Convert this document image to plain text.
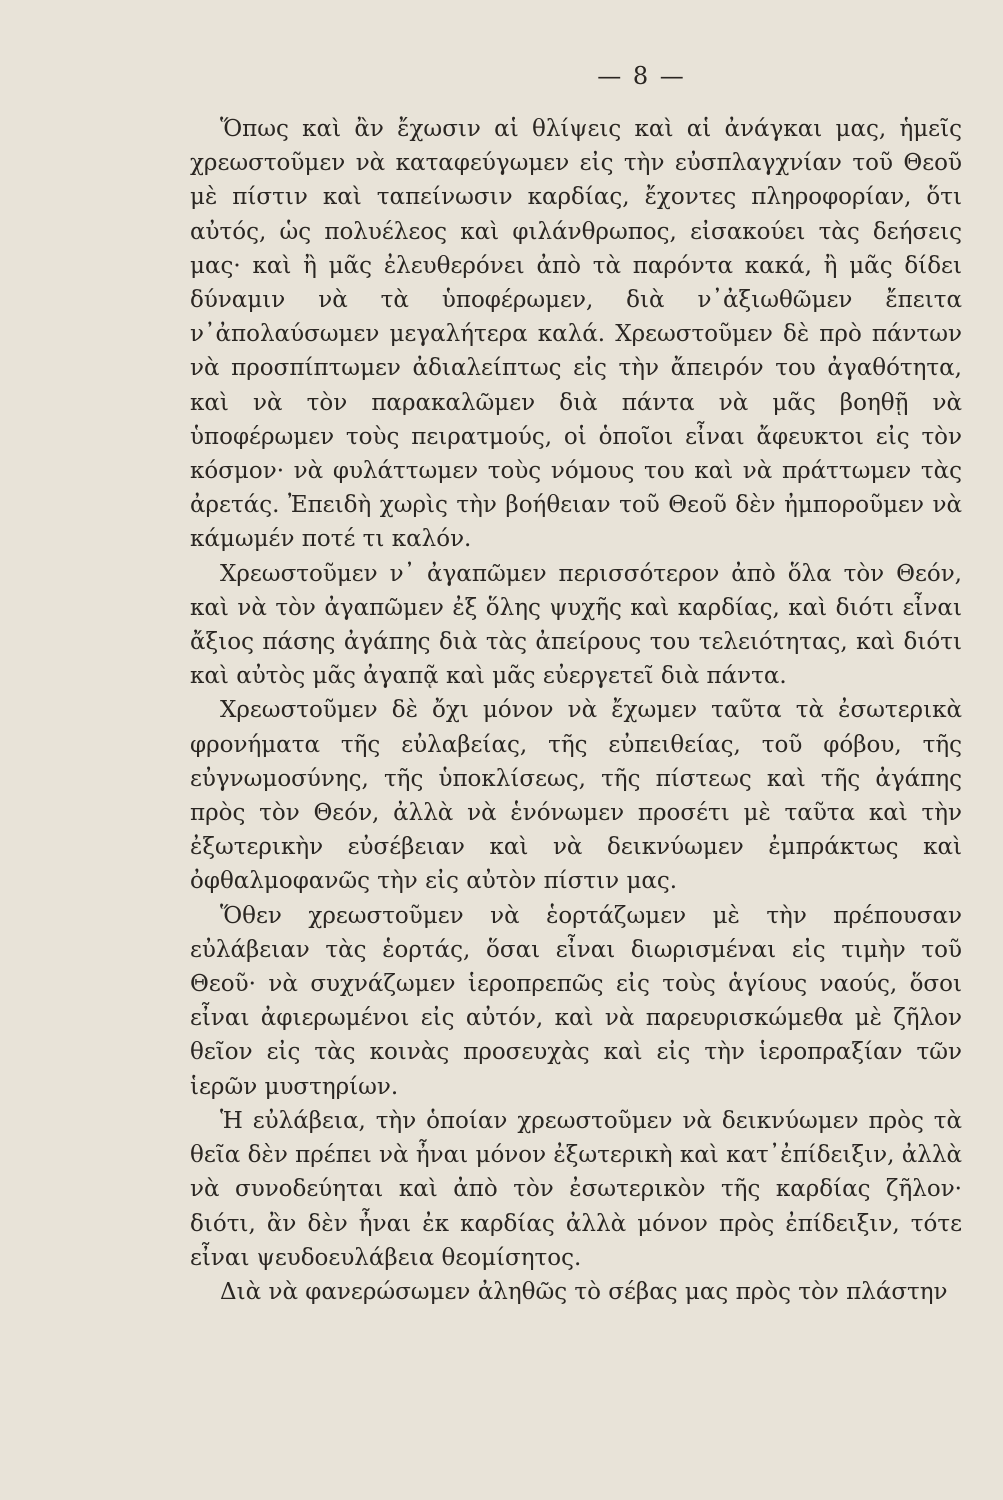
— 8 —

Ὅπως καὶ ἂν ἔχωσιν αἱ θλίψεις καὶ αἱ ἀνάγκαι μας, ἡμεῖς χρεωστοῦμεν νὰ καταφεύγωμεν εἰς τὴν εὐσπλαγχνίαν τοῦ Θεοῦ μὲ πίστιν καὶ ταπείνωσιν καρδίας, ἔχοντες πληροφορίαν, ὅτι αὐτός, ὡς πολυέλεος καὶ φιλάνθρωπος, εἰσακούει τὰς δεήσεις μας· καὶ ἢ μᾶς ἐλευθερόνει ἀπὸ τὰ παρόντα κακά, ἢ μᾶς δίδει δύναμιν νὰ τὰ ὑποφέρωμεν, διὰ ν᾽ἀξιωθῶμεν ἔπειτα ν᾽ἀπολαύσωμεν μεγαλήτερα καλά. Χρεωστοῦμεν δὲ πρὸ πάντων νὰ προσπίπτωμεν ἀδιαλείπτως εἰς τὴν ἄπειρόν του ἀγαθότητα, καὶ νὰ τὸν παρακαλῶμεν διὰ πάντα νὰ μᾶς βοηθῇ νὰ ὑποφέρωμεν τοὺς πειρατμούς, οἱ ὁποῖοι εἶναι ἄφευκτοι εἰς τὸν κόσμον· νὰ φυλάττωμεν τοὺς νόμους του καὶ νὰ πράττωμεν τὰς ἀρετάς. Ἐπειδὴ χωρὶς τὴν βοήθειαν τοῦ Θεοῦ δὲν ἠμποροῦμεν νὰ κάμωμέν ποτέ τι καλόν.

Χρεωστοῦμεν ν᾽ ἀγαπῶμεν περισσότερον ἀπὸ ὅλα τὸν Θεόν, καὶ νὰ τὸν ἀγαπῶμεν ἐξ ὅλης ψυχῆς καὶ καρδίας, καὶ διότι εἶναι ἄξιος πάσης ἀγάπης διὰ τὰς ἀπείρους του τελειότητας, καὶ διότι καὶ αὐτὸς μᾶς ἀγαπᾷ καὶ μᾶς εὐεργετεῖ διὰ πάντα.

Χρεωστοῦμεν δὲ ὄχι μόνον νὰ ἔχωμεν ταῦτα τὰ ἐσωτερικὰ φρονήματα τῆς εὐλαβείας, τῆς εὐπειθείας, τοῦ φόβου, τῆς εὐγνωμοσύνης, τῆς ὑποκλίσεως, τῆς πίστεως καὶ τῆς ἀγάπης πρὸς τὸν Θεόν, ἀλλὰ νὰ ἑνόνωμεν προσέτι μὲ ταῦτα καὶ τὴν ἐξωτερικὴν εὐσέβειαν καὶ νὰ δεικνύωμεν ἐμπράκτως καὶ ὀφθαλμοφανῶς τὴν εἰς αὐτὸν πίστιν μας.

Ὅθεν χρεωστοῦμεν νὰ ἑορτάζωμεν μὲ τὴν πρέπουσαν εὐλάβειαν τὰς ἑορτάς, ὅσαι εἶναι διωρισμέναι εἰς τιμὴν τοῦ Θεοῦ· νὰ συχνάζωμεν ἱεροπρεπῶς εἰς τοὺς ἁγίους ναούς, ὅσοι εἶναι ἀφιερωμένοι εἰς αὐτόν, καὶ νὰ παρευρισκώμεθα μὲ ζῆλον θεῖον εἰς τὰς κοινὰς προσευχὰς καὶ εἰς τὴν ἱεροπραξίαν τῶν ἱερῶν μυστηρίων.

Ἡ εὐλάβεια, τὴν ὁποίαν χρεωστοῦμεν νὰ δεικνύωμεν πρὸς τὰ θεῖα δὲν πρέπει νὰ ἦναι μόνον ἐξωτερικὴ καὶ κατ᾽ἐπίδειξιν, ἀλλὰ νὰ συνοδεύηται καὶ ἀπὸ τὸν ἐσωτερικὸν τῆς καρδίας ζῆλον· διότι, ἂν δὲν ἦναι ἐκ καρδίας ἀλλὰ μόνον πρὸς ἐπίδειξιν, τότε εἶναι ψευδοευλάβεια θεομίσητος.

Διὰ νὰ φανερώσωμεν ἀληθῶς τὸ σέβας μας πρὸς τὸν πλάστην
